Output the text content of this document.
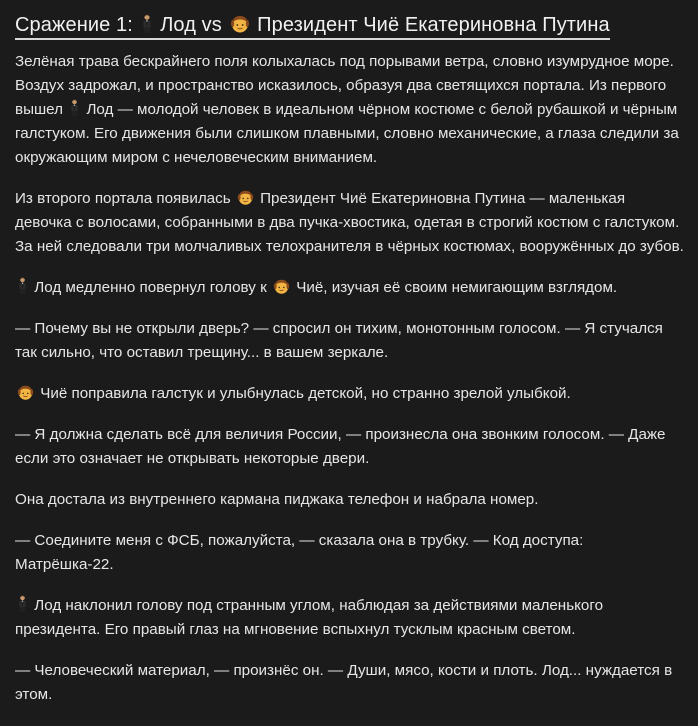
Сражение 1:  Лод vs  Президент Чиё Екатериновна Путина

Зелёная трава бескрайнего поля колыхалась под порывами ветра, словно изумрудное море. Воздух задрожал, и пространство исказилось, образуя два светящихся портала. Из первого вышел Лод — молодой человек в идеальном чёрном костюме с белой рубашкой и чёрным галстуком. Его движения были слишком плавными, словно механические, а глаза следили за окружающим миром с нечеловеческим вниманием.

Из второго портала появилась Президент Чиё Екатериновна Путина — маленькая девочка с волосами, собранными в два пучка-хвостика, одетая в строгий костюм с галстуком. За ней следовали три молчаливых телохранителя в чёрных костюмах, вооружённых до зубов.

Лод медленно повернул голову к Чиё, изучая её своим немигающим взглядом.

— Почему вы не открыли дверь? — спросил он тихим, монотонным голосом. — Я стучался так сильно, что оставил трещину... в вашем зеркале.

Чиё поправила галстук и улыбнулась детской, но странно зрелой улыбкой.

— Я должна сделать всё для величия России, — произнесла она звонким голосом. — Даже если это означает не открывать некоторые двери.

Она достала из внутреннего кармана пиджака телефон и набрала номер.

— Соедините меня с ФСБ, пожалуйста, — сказала она в трубку. — Код доступа: Матрёшка-22.

Лод наклонил голову под странным углом, наблюдая за действиями маленького президента. Его правый глаз на мгновение вспыхнул тусклым красным светом.

— Человеческий материал, — произнёс он. — Души, мясо, кости и плоть. Лод... нуждается в этом.
